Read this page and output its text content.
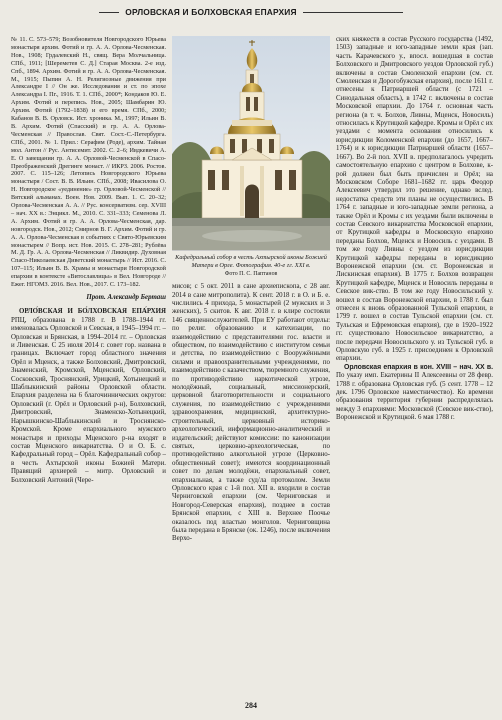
ОРЛОВСКАЯ И БОЛХОВСКАЯ ЕПАРХИЯ

№ 11. С. 573–579; Возобновителя Новгородского Юрьева монастыря архим. Фотий и гр. А. А. Орлова-Чесменская. Нов., 1908; Грдалевский Н., свящ. Вера Молчальница. СПб., 1911; [Шереметев С. Д.] Старая Москва. 2-е изд. Спб., 1894. Архим. Фотий и гр. А. А. Орлова-Чесменская. М., 1915; Пыпин А. Н. Религиозные движения при Александре I // Он же. Исследования и ст. по эпохе Александра I. Пг., 1916. Т. 1. СПб., 2000*; Кондаков Ю. Е. Архим. Фотий и перепись. Нов., 2005; Шамбарин Ю. Архим. Фотий (1792–1838) и его время. СПб., 2000; Кабанов В. В. Орловск. Ист. хроника. М., 1997; Ильин В. В. Архим. Фотий (Спасский) и гр. А. А. Орлова-Чесменская // Православ. Свят. Сост.-С.-Петербурга. СПб., 2001. № 1. Прил.: Серафим (Роде), архим. Тайная мол. Антон // Рус. Антисемит. 2002. С. 2–6; Ивдкевичи А. Е. О завещании гр. А. А. Орловой-Чесменской в Спасо-Преображенский Дрегинге монаст. // ИКРЗ. 2006. Ростов. 2007. С. 115–126; Летопись Новгородского Юрьева монастыря / Сост. В. В. Ильин. СПб., 2008; Ивасилова О. Н. Новгородское «уединение» гр. Орловой-Чесменской // Вятский альманах. Воен. Нов. 2009. Вып. 1. С. 20–32; Орлова-Чесменская А. А. // Рус. консерватизм. сер. XVIII – нач. XX в.: Энцикл. М., 2010. С. 331–333; Семенова Л. А. Архим. Фотий и гр. А. А. Орлова-Чесменская, дар. новгородск. Нов., 2012; Смирнов В. Г. Архим. Фотий и гр. А. А. Орлова-Чесменская в событиях с Свято-Юрьевским монастырем // Вопр. ист. Нов. 2015. С. 278–281; Рублёва М. Д. Гр. А. А. Орлова-Чесменская // Ликвидир. Духовная Спасо-Николаевская Диветский монастырь // Ист. 2016. С. 107–115; Ильин В. В. Храмы и монастыри Новгородской епархии в контексте «Витославлицы» в Вел. Новгороде // Ежег. НГОМЗ. 2016. Вел. Нов., 2017. С. 173–182.

Прот. Александр Берташ

ОРЛО́ВСКАЯ И БО́ЛХОВСКАЯ ЕПА́РХИЯ РПЦ, образована в 1788 г. В 1788–1944 гг. именовалась Орловской и Севская, в 1945–1994 гг. – Орловская и Брянская, в 1994–2014 гг. – Орловская и Ливенская. С 25 июля 2014 г. совет гор. названа в границах. Включает город областного значения Орёл и Мценск, а также Болховский, Дмитровский, Знаменский, Кромской, Мценский, Орловский, Сосковский, Троснянский, Урицкий, Хотынецкий и Шаблыкинский районы Орловской области. Епархия разделена на 6 благочиннических округов: Орловский (г. Орёл и Орловский р-н), Болховский, Дмитровский, Знаменско-Хотынецкий, Нарышкинско-Шаблыкинский и Троснянско-Кромской. Кроме епархиального мужского монастыря и приходы Мценского р-на входят в состав Мценского викариатства. О и О. Б. с. Кафедральный город – Орёл. Кафедральный собор – в честь Ахтырской иконы Божией Матери. Правящий архиерей – митр. Орловский и Болховский Антоний (Чере-

Кафедральный собор в честь Ахтырской иконы Божией Матери в Орле. Фотография. 40-е гг. XXI в.

Фото П. С. Паптанов

мисов; с 5 окт. 2011 в сане архиепископа, с 28 авг. 2014 в сане митрополита). К сент. 2018 г. в О. и Б. е. числились 4 прихода, 5 монастырей (2 мужских и 3 женских), 5 скитов. К авг. 2018 г. в клире состояли 146 священнослужителей. При ЕУ работают отделы: по религ. образованию и катехизации, по взаимодействию с представителями гос. власти и обществом, по взаимодействию с институтом семьи и детства, по взаимодействию с Вооружёнными силами и правоохранительными учреждениями, по взаимодействию с казачеством, тюремного служения, по противодействию наркотической угрозе, молодёжный, социальный, миссионерский, церковной благотворительности и социального служения, по взаимодействию с учреждениями здравоохранения, медицинский, архитектурно-строительный, церковный историко-археологический, информационно-аналитический и издательский; действуют комиссии: по канонизации святых, церковно-археологическая, по противодействию алкогольной угрозе (Церковно-общественный совет); имеются координационный совет по делам молодёжи, епархиальный совет, епархиальная, а также суд/ла протоколом. Земли Орловского края с 1-й пол. XII в. входили в состав Черниговской епархии (см. Черниговская и Новгород-Северская епархия), позднее в состав Брянской епархии, с XIII в. Верхнее Поочье оказалось под властью монголов. Черниговщина была передана в Брянске (ок. 1246), после включения Верхо-

ских княжеств в состав Русского государства (1492, 1503) западные и юго-западные земли края (зап. часть Карачевского у., впосл. вошедшая в состав Болховского и Дмитровского уездов Орловской губ.) включены в состав Смоленской епархии (см. ст. Смоленская и Дорогобужская епархия), после 1611 г. отнесены к Патриаршей области (с 1721 – Синодальная область), в 1742 г. включены в состав Московской епархии. До 1764 г. основная часть региона (в т. ч. Болхов, Ливны, Мценск, Новосиль) относилась к Крутицкой кафедре. Кромы и Орёл с их уездами с момента основания относились к юрисдикции Коломенской епархии (до 1657, 1667–1764) и к юрисдикции Патриаршей области (1657–1667). Во 2-й пол. XVII в. предполагалось учредить самостоятельную епархию с центром в Болхове, к-рой должен был быть причислен и Орёл; на Московском Соборе 1681–1682 гг. царь Феодор Алексеевич утвердил это решение, однако вслед. недостатка средств эти планы не осуществились. В 1764 г. западные и юго-западные земли региона, а также Орёл и Кромы с их уездами были включены в состав Севского викариатства Московской епархии, от Крутицкой кафедры в Московскую епархию переданы Болхов, Мценск и Новосиль с уездами. В том же году Ливны с уездом из юрисдикции Крутицкой кафедры переданы в юрисдикцию Воронежской епархии (см. ст. Воронежская и Лискинская епархия). В 1775 г. Болхов возвращен Крутицкой кафедре, Мценск и Новосиль переданы в Севское вик-ство. В том же году Новосильский у. вошел в состав Воронежской епархии, в 1788 г. был отнесен к вновь образованной Тульской епархии, в 1799 г. вошел в состав Тульской епархии (см. ст. Тульская и Ефремовская епархия), где в 1920–1922 гг. существовало Новосильское викариатство, а после передачи Новосильского у. из Тульской губ. в Орловскую губ. в 1925 г. присоединен к Орловской епархии.

Орловская епархия в кон. XVIII – нач. XX в. По указу имп. Екатерины II Алексеевны от 28 февр. 1788 г. образована Орловская губ. (5 сент. 1778 – 12 дек. 1796 Орловское наместничество). Ко времени образования территория губернии распределялась между 3 епархиями: Московской (Севское вик-ство), Воронежской и Крутицкой. 6 мая 1788 г.

284
